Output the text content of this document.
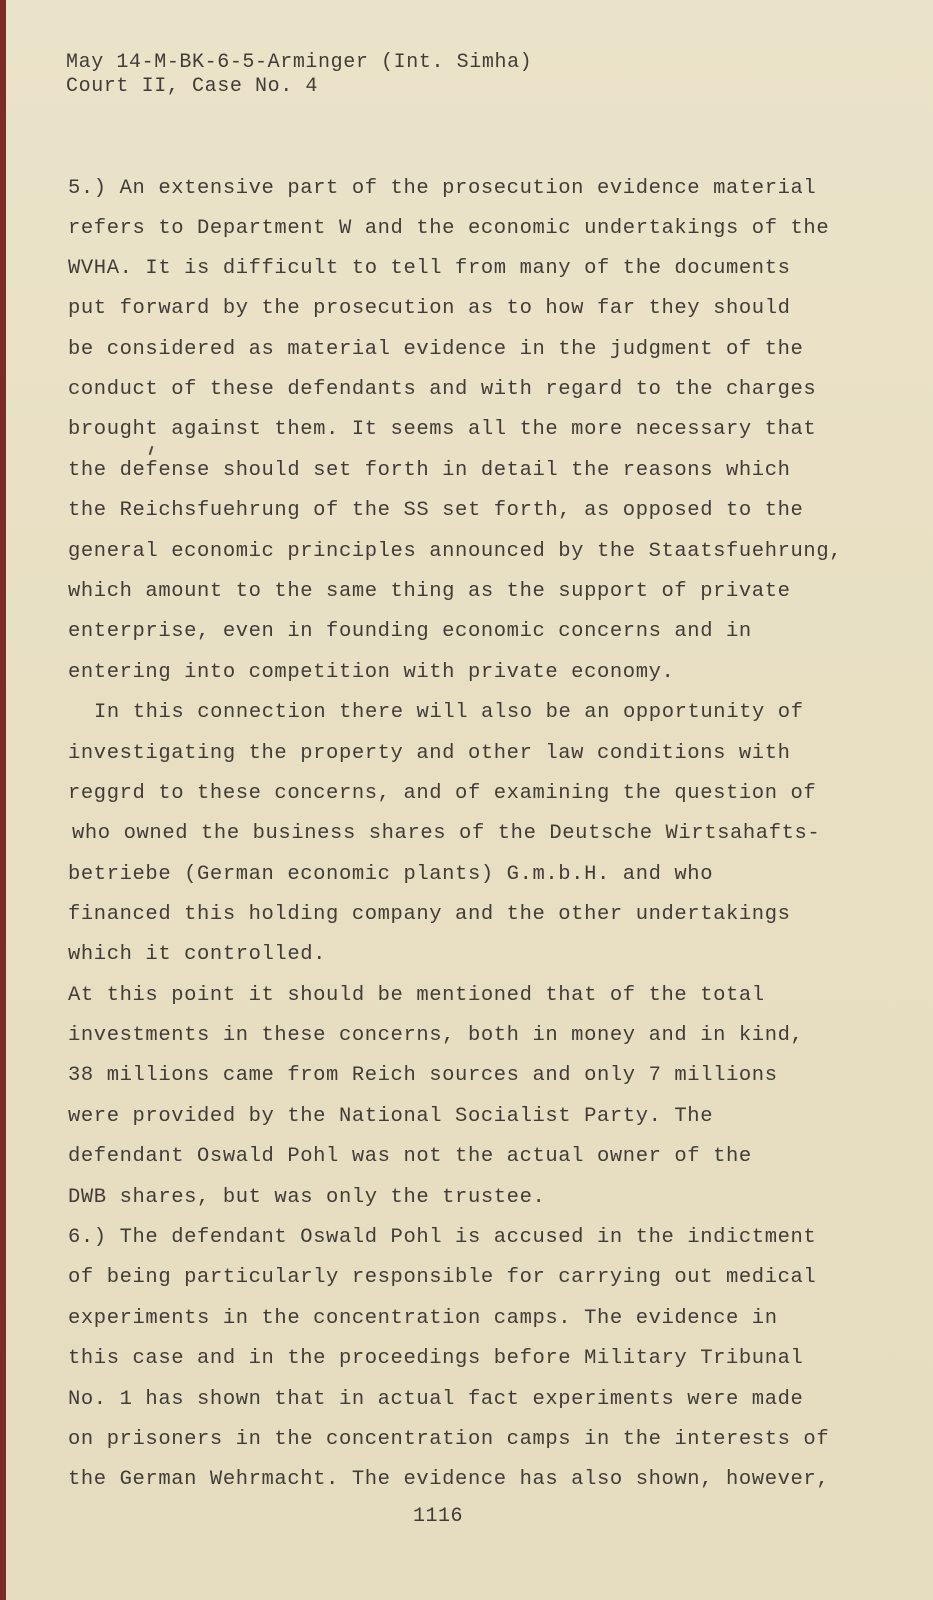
May 14-M-BK-6-5-Arminger (Int. Simha)
Court II, Case No. 4
5.) An extensive part of the prosecution evidence material
refers to Department W and the economic undertakings of the
WVHA. It is difficult to tell from many of the documents
put forward by the prosecution as to how far they should
be considered as material evidence in the judgment of the
conduct of these defendants and with regard to the charges
brought against them. It seems all the more necessary that
the defense should set forth in detail the reasons which
the Reichsfuehrung of the SS set forth, as opposed to the
general economic principles announced by the Staatsfuehrung,
which amount to the same thing as the support of private
enterprise, even in founding economic concerns and in
entering into competition with private economy.
In this connection there will also be an opportunity of
investigating the property and other law conditions with
reggrd to these concerns, and of examining the question of
who owned the business shares of the Deutsche Wirtsahafts-
betriebe (German economic plants) G.m.b.H. and who
financed this holding company and the other undertakings
which it controlled.
At this point it should be mentioned that of the total
investments in these concerns, both in money and in kind,
38 millions came from Reich sources and only 7 millions
were provided by the National Socialist Party. The
defendant Oswald Pohl was not the actual owner of the
DWB shares, but was only the trustee.
6.) The defendant Oswald Pohl is accused in the indictment
of being particularly responsible for carrying out medical
experiments in the concentration camps. The evidence in
this case and in the proceedings before Military Tribunal
No. 1 has shown that in actual fact experiments were made
on prisoners in the concentration camps in the interests of
the German Wehrmacht. The evidence has also shown, however,
1116
